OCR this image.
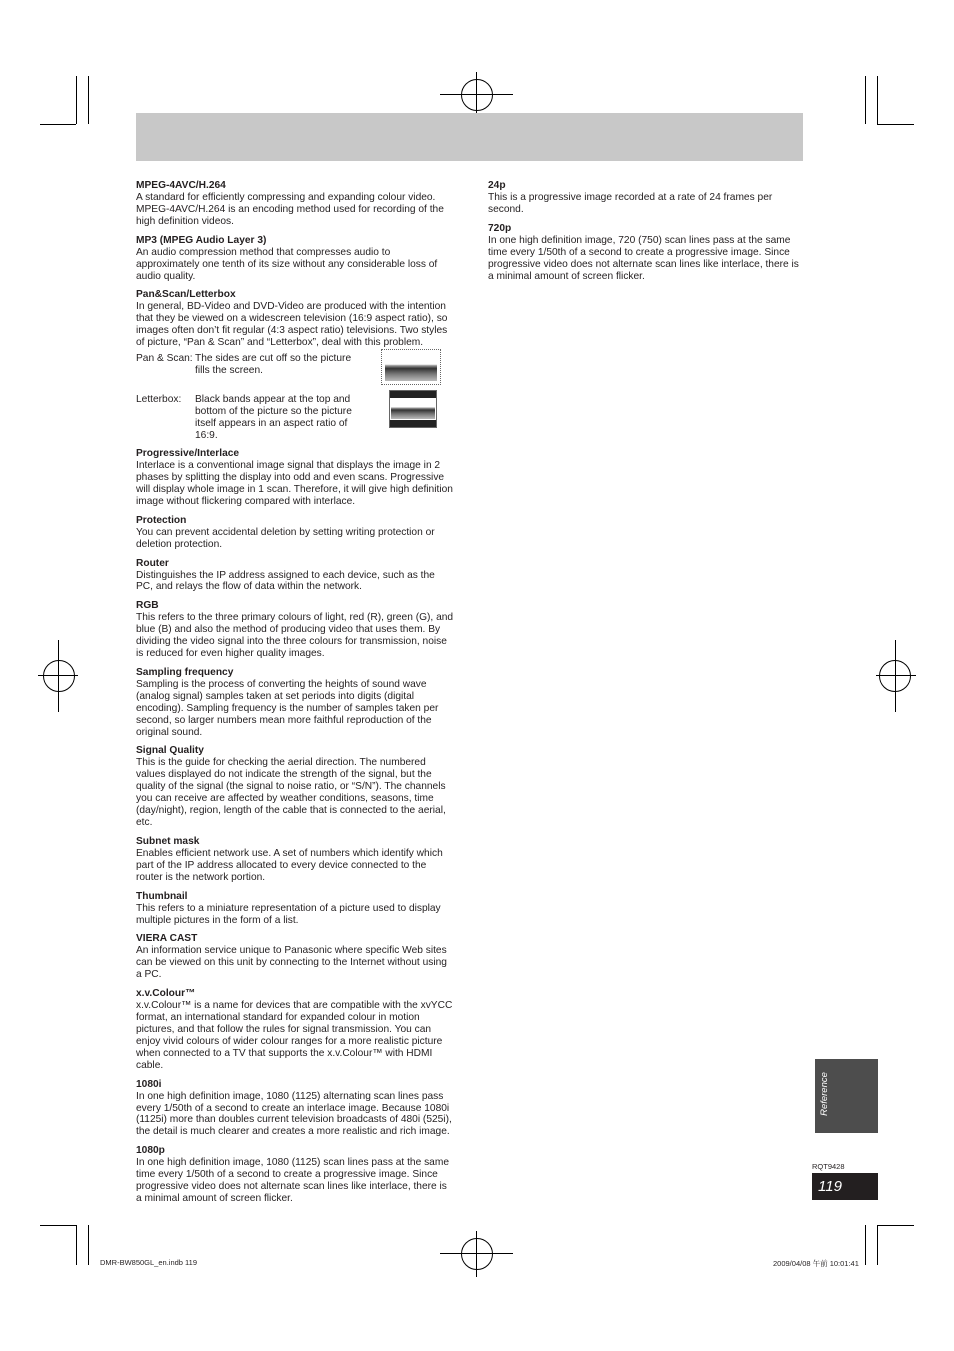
MPEG-4AVC/H.264

A standard for efficiently compressing and expanding colour video. MPEG-4AVC/H.264 is an encoding method used for recording of the high definition videos.

MP3 (MPEG Audio Layer 3)

An audio compression method that compresses audio to approximately one tenth of its size without any considerable loss of audio quality.

Pan&Scan/Letterbox

In general, BD-Video and DVD-Video are produced with the intention that they be viewed on a widescreen television (16:9 aspect ratio), so images often don’t fit regular (4:3 aspect ratio) televisions. Two styles of picture, “Pan & Scan” and “Letterbox”, deal with this problem.

Pan & Scan: The sides are cut off so the picture fills the screen.
Letterbox: Black bands appear at the top and bottom of the picture so the picture itself appears in an aspect ratio of 16:9.
Progressive/Interlace

Interlace is a conventional image signal that displays the image in 2 phases by splitting the display into odd and even scans. Progressive will display whole image in 1 scan. Therefore, it will give high definition image without flickering compared with interlace.

Protection

You can prevent accidental deletion by setting writing protection or deletion protection.

Router

Distinguishes the IP address assigned to each device, such as the PC, and relays the flow of data within the network.

RGB

This refers to the three primary colours of light, red (R), green (G), and blue (B) and also the method of producing video that uses them. By dividing the video signal into the three colours for transmission, noise is reduced for even higher quality images.

Sampling frequency

Sampling is the process of converting the heights of sound wave (analog signal) samples taken at set periods into digits (digital encoding). Sampling frequency is the number of samples taken per second, so larger numbers mean more faithful reproduction of the original sound.

Signal Quality

This is the guide for checking the aerial direction. The numbered values displayed do not indicate the strength of the signal, but the quality of the signal (the signal to noise ratio, or “S/N”). The channels you can receive are affected by weather conditions, seasons, time (day/night), region, length of the cable that is connected to the aerial, etc.

Subnet mask

Enables efficient network use. A set of numbers which identify which part of the IP address allocated to every device connected to the router is the network portion.

Thumbnail

This refers to a miniature representation of a picture used to display multiple pictures in the form of a list.

VIERA CAST

An information service unique to Panasonic where specific Web sites can be viewed on this unit by connecting to the Internet without using a PC.

x.v.Colour™

x.v.Colour™ is a name for devices that are compatible with the xvYCC format, an international standard for expanded colour in motion pictures, and that follow the rules for signal transmission. You can enjoy vivid colours of wider colour ranges for a more realistic picture when connected to a TV that supports the x.v.Colour™ with HDMI cable.

1080i

In one high definition image, 1080 (1125) alternating scan lines pass every 1/50th of a second to create an interlace image. Because 1080i (1125i) more than doubles current television broadcasts of 480i (525i), the detail is much clearer and creates a more realistic and rich image.

1080p

In one high definition image, 1080 (1125) scan lines pass at the same time every 1/50th of a second to create a progressive image. Since progressive video does not alternate scan lines like interlace, there is a minimal amount of screen flicker.

24p

This is a progressive image recorded at a rate of 24 frames per second.

720p

In one high definition image, 720 (750) scan lines pass at the same time every 1/50th of a second to create a progressive image. Since progressive video does not alternate scan lines like interlace, there is a minimal amount of screen flicker.

Reference
RQT9428
119
DMR-BW850GL_en.indb 119	2009/04/08 午前 10:01:41
